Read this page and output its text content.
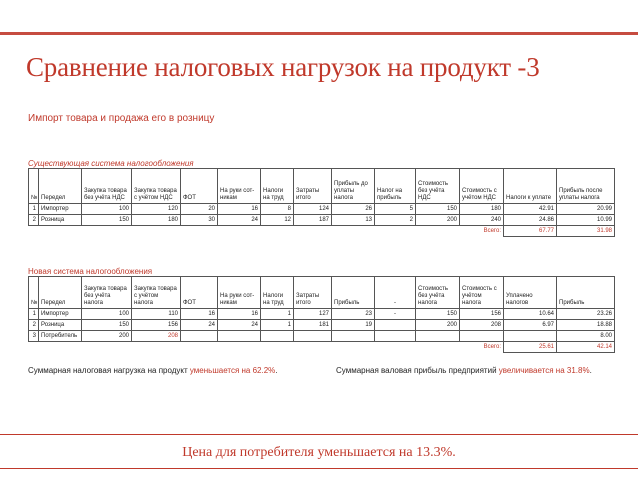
Сравнение налоговых нагрузок на продукт -3
Импорт товара и продажа его в розницу
Существующая система налогообложения
№	Передел	Закупка товара без учёта НДС	Закупка товара с учётом НДС	ФОТ	На руки сот-никам	Налоги на труд	Затраты итого	Прибыль до уплаты налога	Налог на прибыль	Стоимость без учёта НДС	Стоимость с учётом НДС	Налоги к уплате	Прибыль после уплаты налога
1	Импортер	100	120	20	16	8	124	26	5	150	180	42.91	20.99
2	Розница	150	180	30	24	12	187	13	2	200	240	24.86	10.99
											Всего:	67.77	31.98
Новая система налогообложения
№	Передел	Закупка товара без учёта налога	Закупка товара с учётом налога	ФОТ	На руки сот-никам	Налоги на труд	Затраты итого	Прибыль	-	Стоимость без учёта налога	Стоимость с учётом налога	Уплачено налогов	Прибыль
1	Импортер	100	110	16	16	1	127	23	-	150	156	10.64	23.26
2	Розница	150	156	24	24	1	181	19		200	208	6.97	18.88
3	Потребитель	200	208										8.00
											Всего:	25.61	42.14
Суммарная налоговая нагрузка на продукт уменьшается на 62.2%.	Суммарная валовая прибыль предприятий увеличивается на 31.8%.
Цена для потребителя уменьшается на 13.3%.
